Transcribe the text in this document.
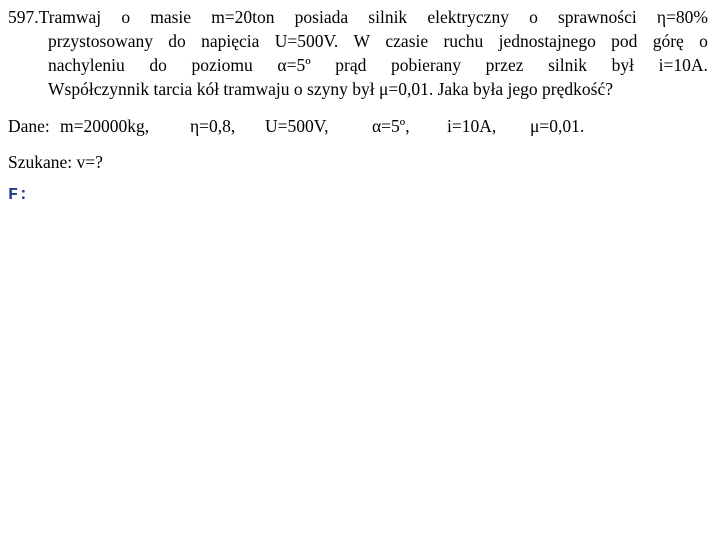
597.Tramwaj o masie m=20ton posiada silnik elektryczny o sprawności η=80%
przystosowany do napięcia U=500V. W czasie ruchu jednostajnego pod górę o
nachyleniu do poziomu α=5º prąd pobierany przez silnik był i=10A.
Współczynnik tarcia kół tramwaju o szyny był μ=0,01. Jaka była jego prędkość?
Dane: m=20000kg, η=0,8, U=500V, α=5º, i=10A, μ=0,01.
Szukane: v=?
F:
